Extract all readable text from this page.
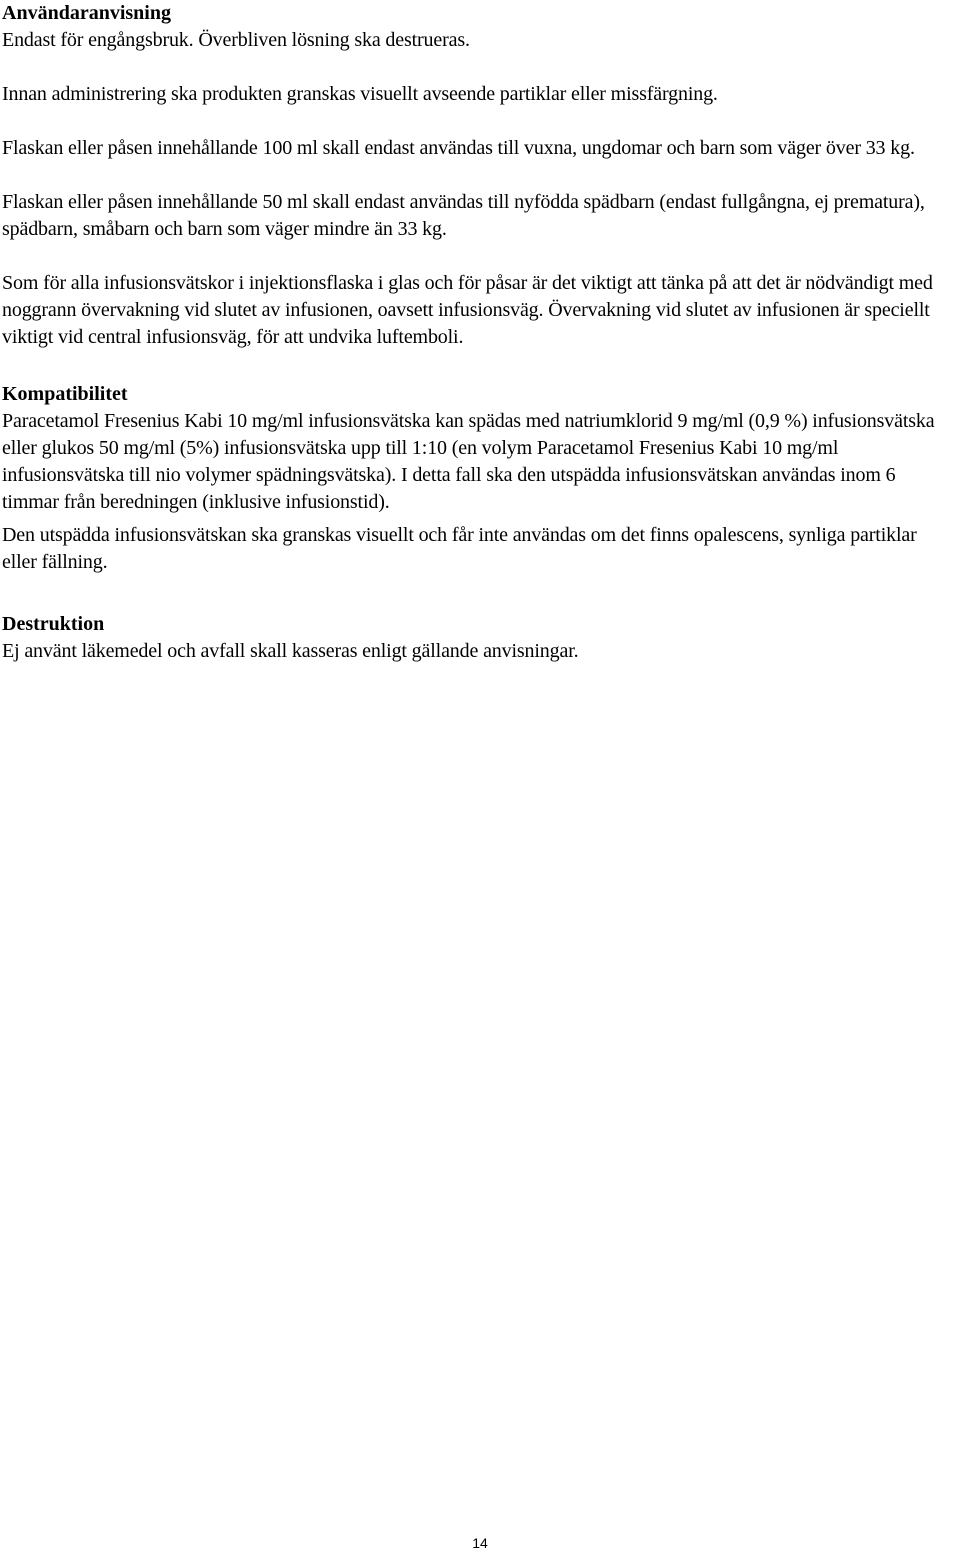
Användaranvisning

Endast för engångsbruk. Överbliven lösning ska destrueras.

Innan administrering ska produkten granskas visuellt avseende partiklar eller missfärgning.

Flaskan eller påsen innehållande 100 ml skall endast användas till vuxna, ungdomar och barn som väger över 33 kg.

Flaskan eller påsen innehållande 50 ml skall endast användas till nyfödda spädbarn (endast fullgångna, ej prematura), spädbarn, småbarn och barn som väger mindre än 33 kg.

Som för alla infusionsvätskor i injektionsflaska i glas och för påsar är det viktigt att tänka på att det är nödvändigt med noggrann övervakning vid slutet av infusionen, oavsett infusionsväg. Övervakning vid slutet av infusionen är speciellt viktigt vid central infusionsväg, för att undvika luftemboli.

Kompatibilitet

Paracetamol Fresenius Kabi 10 mg/ml infusionsvätska kan spädas med natriumklorid 9 mg/ml (0,9 %) infusionsvätska eller glukos 50 mg/ml (5%) infusionsvätska upp till 1:10 (en volym Paracetamol Fresenius Kabi 10 mg/ml infusionsvätska till nio volymer spädningsvätska). I detta fall ska den utspädda infusionsvätskan användas inom 6 timmar från beredningen (inklusive infusionstid).

Den utspädda infusionsvätskan ska granskas visuellt och får inte användas om det finns opalescens, synliga partiklar eller fällning.

Destruktion

Ej använt läkemedel och avfall skall kasseras enligt gällande anvisningar.

14
